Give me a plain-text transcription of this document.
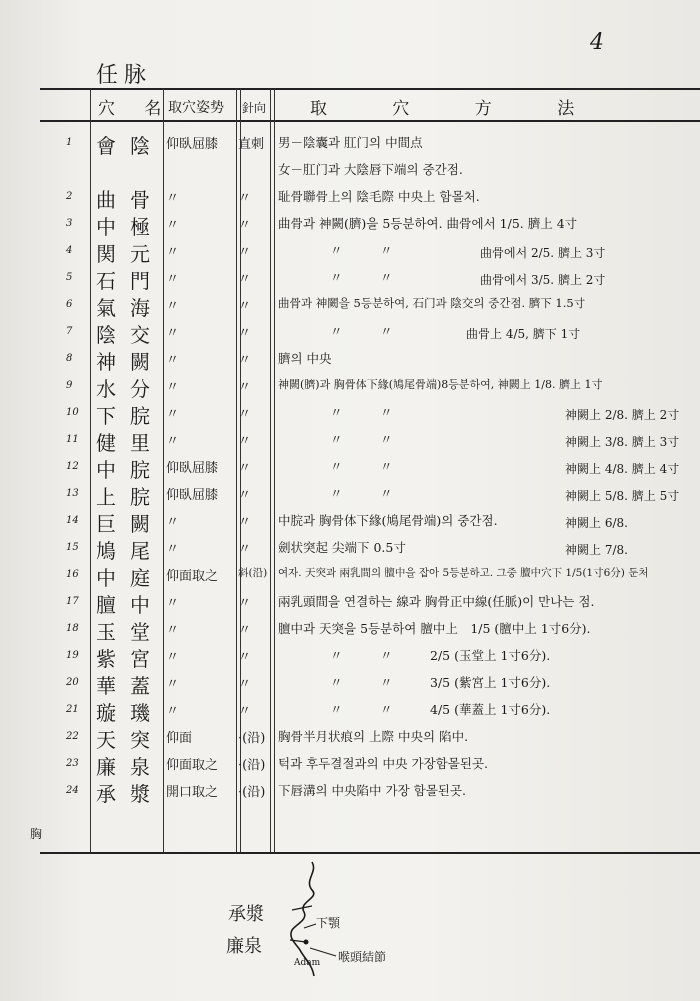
4
任脉
穴 名
取穴姿势 針向	取 穴 方 法
胸
1 會陰 仰臥屈膝 直刺 男－陰囊과 肛门의 中間点
女－肛门과 大陰唇下端의 중간점.
2 曲骨 〃	〃 耻骨聯骨上의 陰毛際 中央上 함몰처.
3 中極 〃	〃 曲骨과 神闕(臍)을 5등분하여. 曲骨에서 1/5. 臍上 4寸
4 関元 〃	〃	〃　　　〃	曲骨에서 2/5. 臍上 3寸
5 石門 〃	〃	〃　　　〃	曲骨에서 3/5. 臍上 2寸
6 氣海 〃	〃 曲骨과 神闕을 5등분하여, 石门과 陰交의 중간점. 臍下 1.5寸
7 陰交 〃	〃	〃　　　〃	曲骨上 4/5, 臍下 1寸
8 神闕 〃	〃 臍의 中央
9 水分 〃	〃 神闕(臍)과 胸骨体下緣(鳩尾骨端)8등분하여, 神闕上 1/8. 臍上 1寸
10 下脘 〃	〃	〃　　　〃	神闕上 2/8. 臍上 2寸
11 健里 〃	〃	〃　　　〃	神闕上 3/8. 臍上 3寸
12 中脘 仰臥屈膝 〃	〃　　　〃	神闕上 4/8. 臍上 4寸
13 上脘 仰臥屈膝 〃	〃　　　〃	神闕上 5/8. 臍上 5寸
14 巨闕 〃	〃 中脘과 胸骨体下緣(鳩尾骨端)의 중간점.	神闕上 6/8.
15 鳩尾 〃	〃 劍状突起 尖端下 0.5寸	神闕上 7/8.
16 中庭 仰面取之 斜(沿) 여자. 天突과 兩乳間의 膻中을 잡아 5등분하고. 그중 膻中穴下 1/5(1寸6分) 둔처
17 膻中 〃	〃 兩乳頭間을 연결하는 線과 胸骨正中線(任脈)이 만나는 점.
18 玉堂 〃	〃 膻中과 天突을 5등분하여 膻中上　1/5 (膻中上 1寸6分).
19 紫宮 〃	〃	〃　　　〃　　　2/5 (玉堂上 1寸6分).
20 華蓋 〃	〃	〃　　　〃　　　3/5 (紫宮上 1寸6分).
21 璇璣 〃	〃	〃　　　〃　　　4/5 (華蓋上 1寸6分).
22 天突 仰面	·(沿) 胸骨半月状痕의 上際 中央의 陷中.
23 廉泉 仰面取之 ·(沿) 턱과 후두결절과의 中央 가장함몰된곳.
24 承漿 開口取之 ·(沿) 下唇溝의 中央陷中 가장 함몰된곳.
承漿
廉泉
下顎
喉頭結節
Adam
